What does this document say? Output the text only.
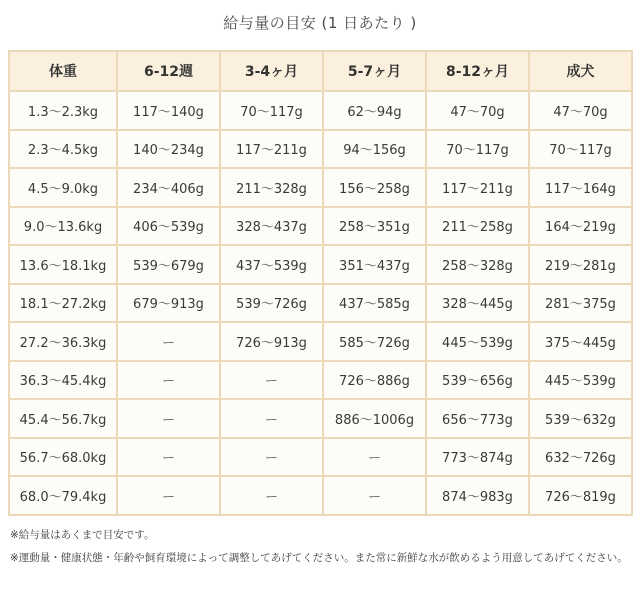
給与量の目安 (1 日あたり )
体重	6-12週	3-4ヶ月	5-7ヶ月	8-12ヶ月	成犬
1.3〜2.3kg	117〜140g	70〜117g	62〜94g	47〜70g	47〜70g
2.3〜4.5kg	140〜234g	117〜211g	94〜156g	70〜117g	70〜117g
4.5〜9.0kg	234〜406g	211〜328g	156〜258g	117〜211g	117〜164g
9.0〜13.6kg	406〜539g	328〜437g	258〜351g	211〜258g	164〜219g
13.6〜18.1kg	539〜679g	437〜539g	351〜437g	258〜328g	219〜281g
18.1〜27.2kg	679〜913g	539〜726g	437〜585g	328〜445g	281〜375g
27.2〜36.3kg	ー	726〜913g	585〜726g	445〜539g	375〜445g
36.3〜45.4kg	ー	ー	726〜886g	539〜656g	445〜539g
45.4〜56.7kg	ー	ー	886〜1006g	656〜773g	539〜632g
56.7〜68.0kg	ー	ー	ー	773〜874g	632〜726g
68.0〜79.4kg	ー	ー	ー	874〜983g	726〜819g

※給与量はあくまで目安です。

※運動量・健康状態・年齢や飼育環境によって調整してあげてください。また常に新鮮な水が飲めるよう用意してあげてください。
